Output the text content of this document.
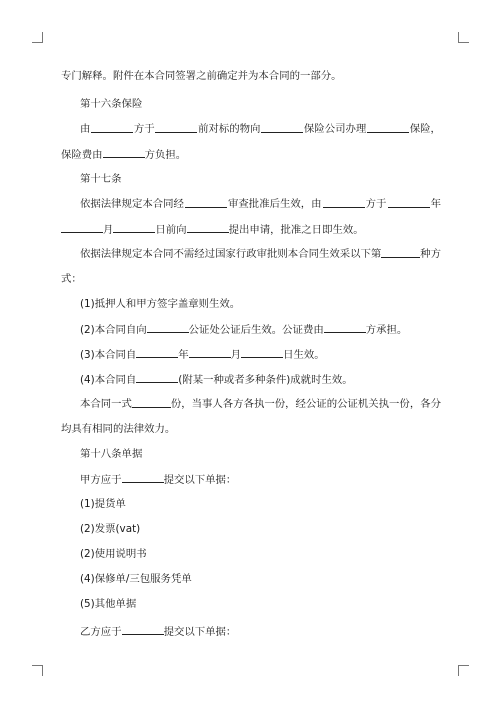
专门解释。附件在本合同签署之前确定并为本合同的一部分。
第十六条保险
由	方于	前对标的物向	保险公司办理	保险，
保险费由	方负担。
第十七条
依据法律规定本合同经	审查批准后生效，由	方于	年
月	日前向	提出申请，批准之日即生效。
依据法律规定本合同不需经过国家行政审批则本合同生效采以下第	种方
式：
(1)抵押人和甲方签字盖章则生效。
(2)本合同自向	公证处公证后生效。公证费由	方承担。
(3)本合同自	年	月	日生效。
(4)本合同自	(附某一种或者多种条件)成就时生效。
本合同一式	份，当事人各方各执一份，经公证的公证机关执一份，各分
均具有相同的法律效力。
第十八条单据
甲方应于	提交以下单据：
(1)提货单
(2)发票(vat)
(2)使用说明书
(4)保修单/三包服务凭单
(5)其他单据
乙方应于	提交以下单据：
